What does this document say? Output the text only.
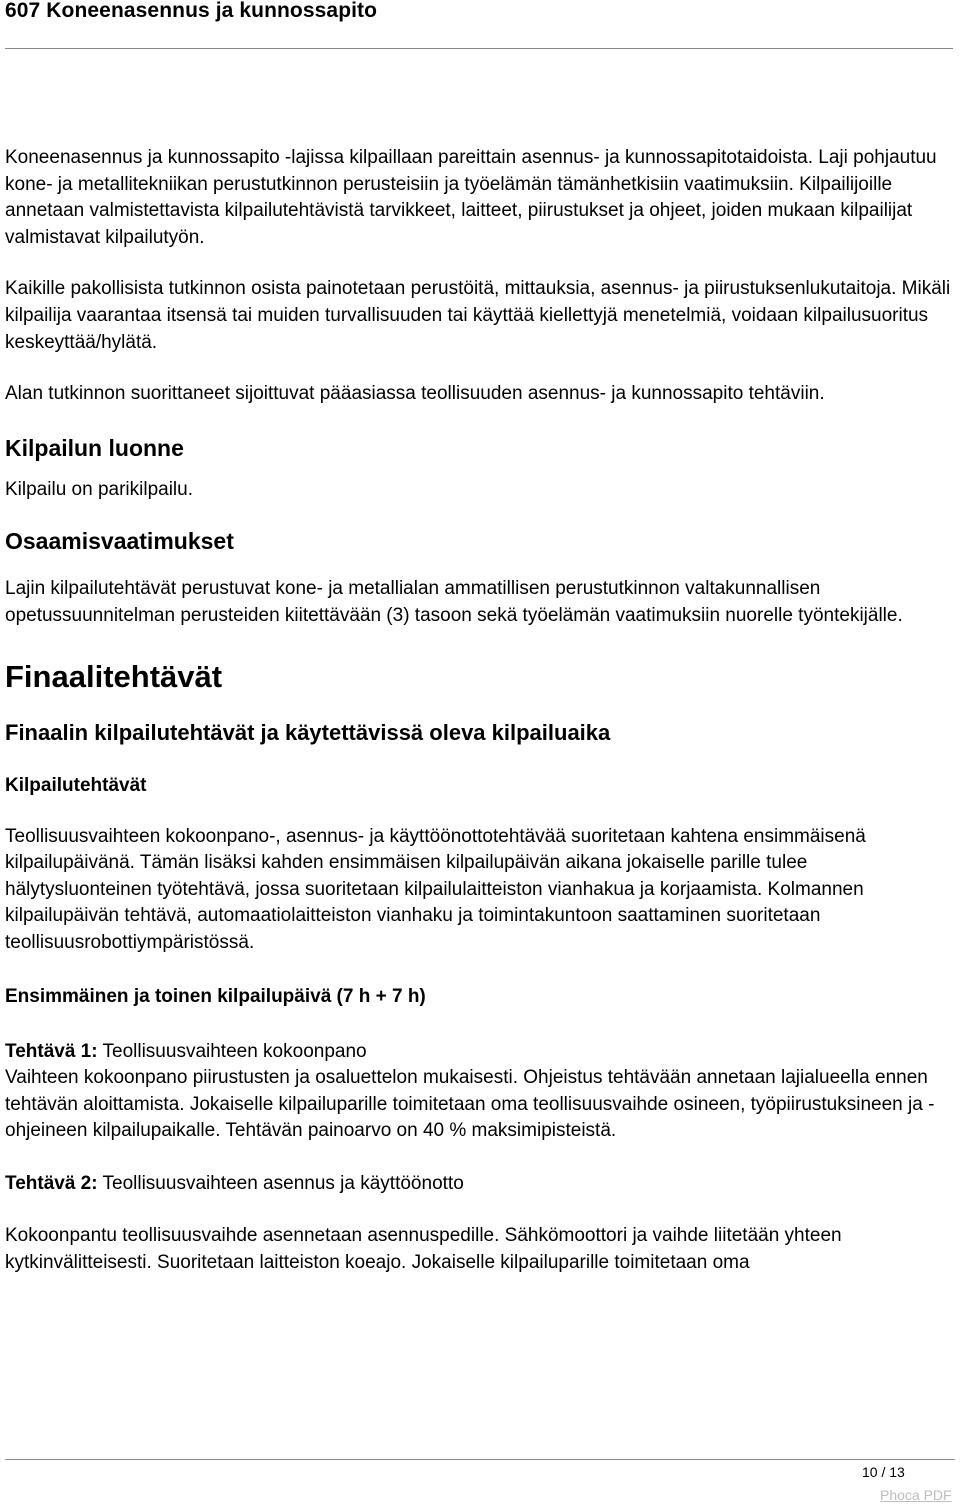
607 Koneenasennus ja kunnossapito

Koneenasennus ja kunnossapito -lajissa kilpaillaan pareittain asennus- ja kunnossapitotaidoista. Laji pohjautuu kone- ja metallitekniikan perustutkinnon perusteisiin ja työelämän tämänhetkisiin vaatimuksiin. Kilpailijoille annetaan valmistettavista kilpailutehtävistä tarvikkeet, laitteet, piirustukset ja ohjeet, joiden mukaan kilpailijat valmistavat kilpailutyön.

Kaikille pakollisista tutkinnon osista painotetaan perustöitä, mittauksia, asennus- ja piirustuksenlukutaitoja. Mikäli kilpailija vaarantaa itsensä tai muiden turvallisuuden tai käyttää kiellettyjä menetelmiä, voidaan kilpailusuoritus keskeyttää/hylätä.

Alan tutkinnon suorittaneet sijoittuvat pääasiassa teollisuuden asennus- ja kunnossapito tehtäviin.

Kilpailun luonne

Kilpailu on parikilpailu.

Osaamisvaatimukset

Lajin kilpailutehtävät perustuvat kone- ja metallialan ammatillisen perustutkinnon valtakunnallisen opetussuunnitelman perusteiden kiitettävään (3) tasoon sekä työelämän vaatimuksiin nuorelle työntekijälle.

Finaalitehtävät
Finaalin kilpailutehtävät ja käytettävissä oleva kilpailuaika
Kilpailutehtävät

Teollisuusvaihteen kokoonpano-, asennus- ja käyttöönottotehtävää suoritetaan kahtena ensimmäisenä kilpailupäivänä. Tämän lisäksi kahden ensimmäisen kilpailupäivän aikana jokaiselle parille tulee hälytysluonteinen työtehtävä, jossa suoritetaan kilpailulaitteiston vianhakua ja korjaamista. Kolmannen kilpailupäivän tehtävä, automaatiolaitteiston vianhaku ja toimintakuntoon saattaminen suoritetaan teollisuusrobottiympäristössä.

Ensimmäinen ja toinen kilpailupäivä (7 h + 7 h)

Tehtävä 1: Teollisuusvaihteen kokoonpano

Vaihteen kokoonpano piirustusten ja osaluettelon mukaisesti. Ohjeistus tehtävään annetaan lajialueella ennen tehtävän aloittamista. Jokaiselle kilpailuparille toimitetaan oma teollisuusvaihde osineen, työpiirustuksineen ja -ohjeineen kilpailupaikalle. Tehtävän painoarvo on 40 % maksimipisteistä.

Tehtävä 2: Teollisuusvaihteen asennus ja käyttöönotto

Kokoonpantu teollisuusvaihde asennetaan asennuspedille. Sähkömoottori ja vaihde liitetään yhteen kytkinvälitteisesti. Suoritetaan laitteiston koeajo. Jokaiselle kilpailuparille toimitetaan oma

10 / 13
Phoca PDF
